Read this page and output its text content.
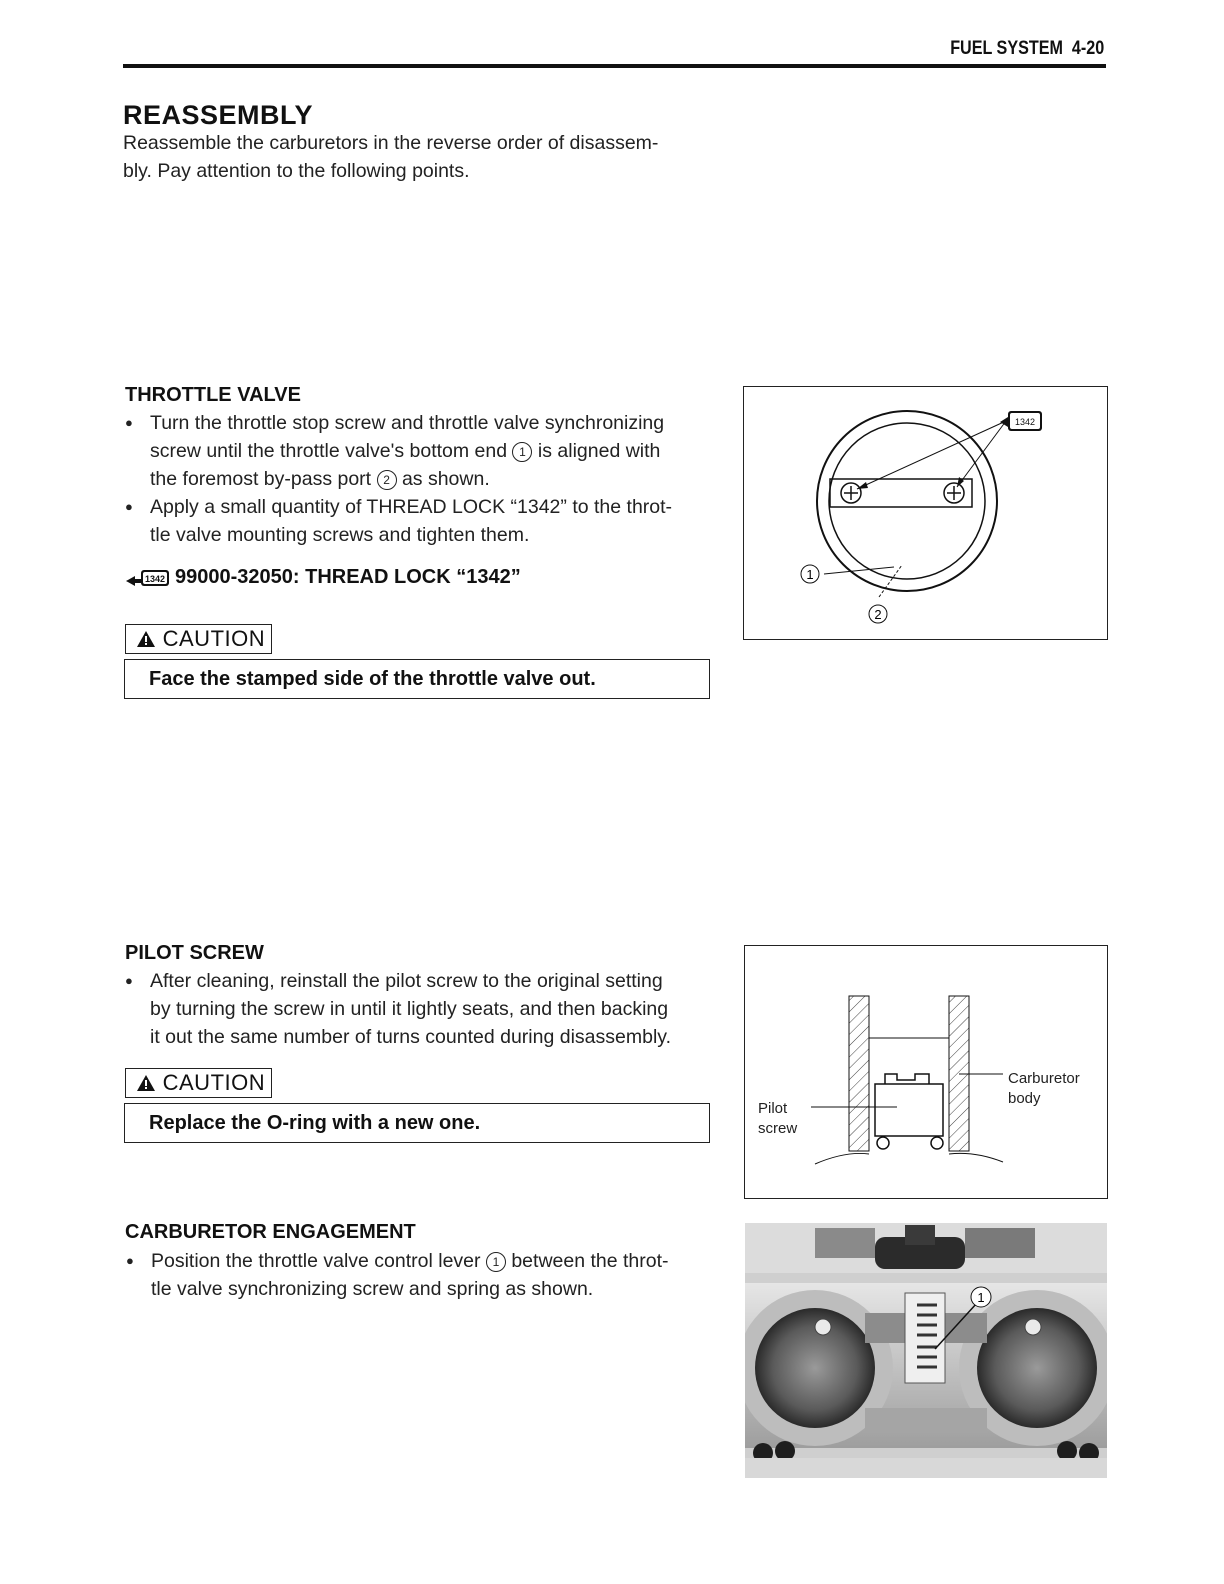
FUEL SYSTEM  4-20
REASSEMBLY
Reassemble the carburetors in the reverse order of disassem-
bly. Pay attention to the following points.
THROTTLE VALVE
● Turn the throttle stop screw and throttle valve synchronizing
screw until the throttle valve's bottom end 1 is aligned with
the foremost by-pass port 2 as shown.
● Apply a small quantity of THREAD LOCK “1342” to the throt-
tle valve mounting screws and tighten them.
1342 99000-32050: THREAD LOCK “1342”
CAUTION
Face the stamped side of the throttle valve out.
1342
1
2
PILOT SCREW
● After cleaning, reinstall the pilot screw to the original setting
by turning the screw in until it lightly seats, and then backing
it out the same number of turns counted during disassembly.
CAUTION
Replace the O-ring with a new one.
Pilot
screw
Carburetor
body
CARBURETOR ENGAGEMENT
● Position the throttle valve control lever 1 between the throt-
tle valve synchronizing screw and spring as shown.	1
